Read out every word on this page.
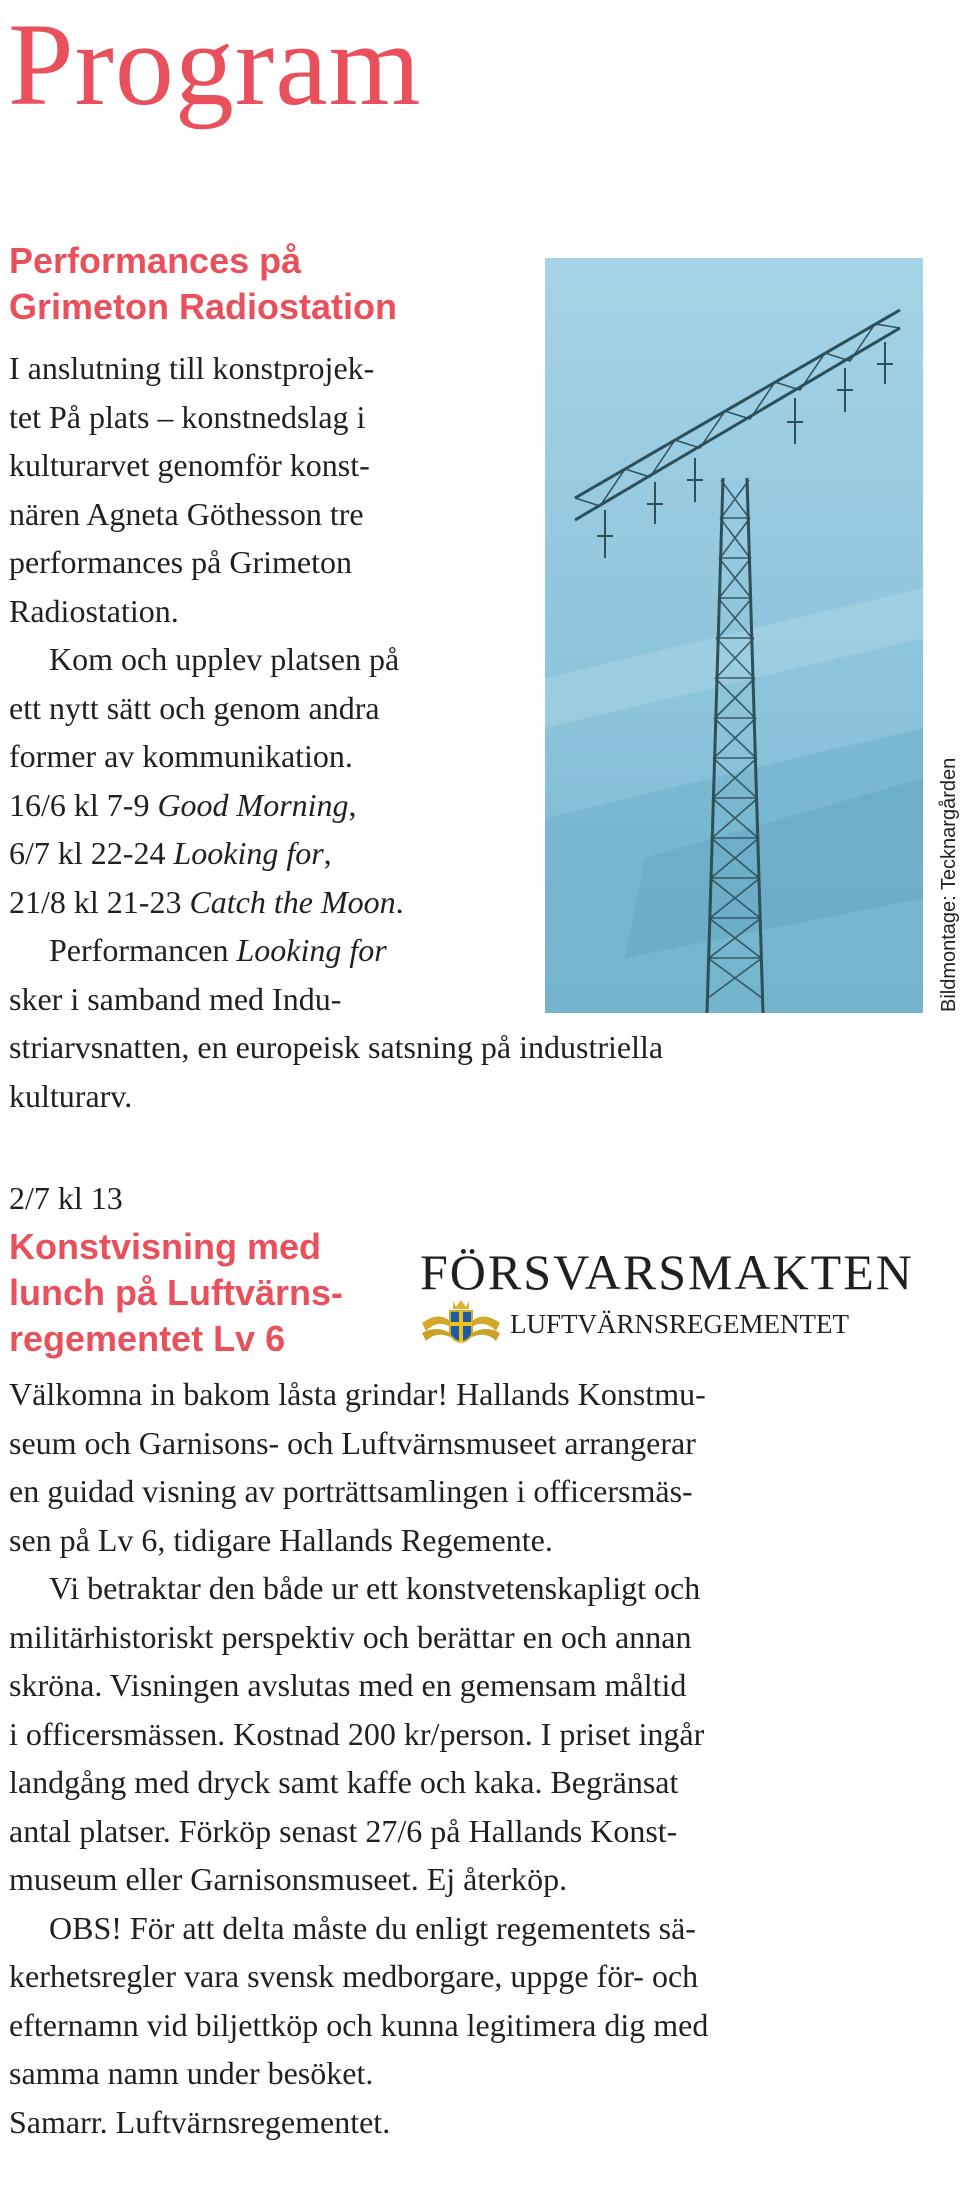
Program
Performances på
Grimeton Radiostation

I anslutning till konstprojek-
tet På plats – konstnedslag i
kulturarvet genomför konst-
nären Agneta Göthesson tre
performances på Grimeton
Radiostation.

Kom och upplev platsen på
ett nytt sätt och genom andra
former av kommunikation.

16/6 kl 7-9 Good Morning,
6/7 kl 22-24 Looking for,
21/8 kl 21-23 Catch the Moon.

Performancen Looking for
sker i samband med Indu-
striarvsnatten, en europeisk satsning på industriella
kulturarv.

Bildmontage: Tecknargården
2/7 kl 13
Konstvisning med
lunch på Luftvärns-
regementet Lv 6
FÖRSVARSMAKTEN
LUFTVÄRNSREGEMENTET

Välkomna in bakom låsta grindar! Hallands Konstmu-
seum och Garnisons- och Luftvärnsmuseet arrangerar
en guidad visning av porträttsamlingen i officersmäs-
sen på Lv 6, tidigare Hallands Regemente.

Vi betraktar den både ur ett konstvetenskapligt och
militärhistoriskt perspektiv och berättar en och annan
skröna. Visningen avslutas med en gemensam måltid
i officersmässen. Kostnad 200 kr/person. I priset ingår
landgång med dryck samt kaffe och kaka. Begränsat
antal platser. Förköp senast 27/6 på Hallands Konst-
museum eller Garnisonsmuseet. Ej återköp.

OBS! För att delta måste du enligt regementets sä-
kerhetsregler vara svensk medborgare, uppge för- och
efternamn vid biljettköp och kunna legitimera dig med
samma namn under besöket.

Samarr. Luftvärnsregementet.
